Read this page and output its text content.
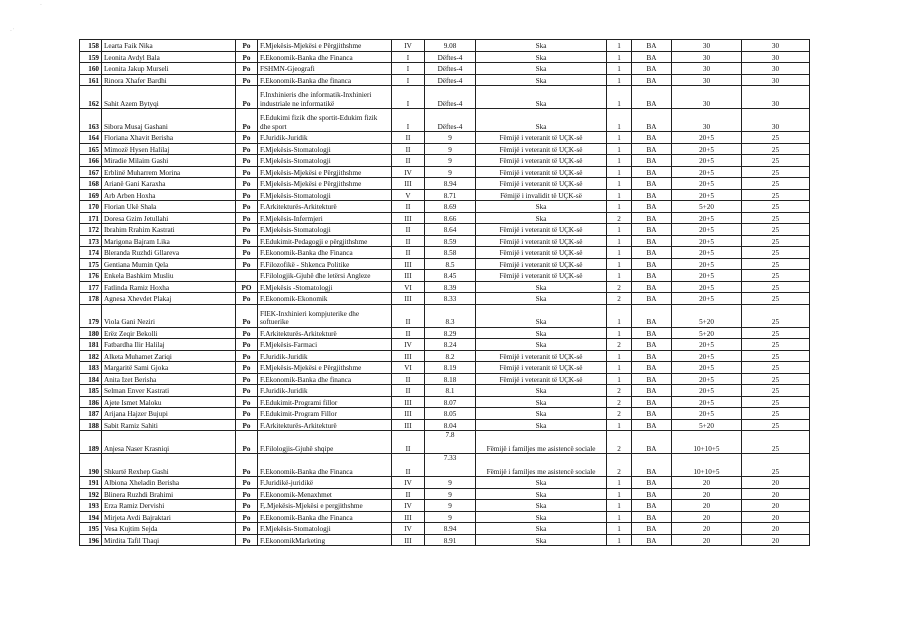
·
·˙
158	Learta Faik Nika	Po	F.Mjekësis-Mjekësi e Përgjithshme	IV	9.08	Ska	1	BA	30	30
159	Leonita Avdyl Bala	Po	F.Ekonomik-Banka dhe Financa	I	Dëftes-4	Ska	1	BA	30	30
160	Leonita Jakup Murseli	Po	FSHMN-Gjeografi	I	Dëftes-4	Ska	1	BA	30	30
161	Rinora Xhafer Bardhi	Po	F.Ekonomik-Banka dhe financa	I	Dëftes-4	Ska	1	BA	30	30
162	Sahit Azem Bytyqi	Po	F.Inxhinieris dhe informatik-Inxhinieri industriale ne informatikë	I	Dëftes-4	Ska	1	BA	30	30
163	Sibora Musaj Gashani	Po	F.Edukimi fizik dhe sportit-Edukim fizik dhe sport	I	Dëftes-4	Ska	1	BA	30	30
164	Floriana Xhavit Berisha	Po	F.Juridik-Juridik	II	9	Fëmijë i veteranit të UÇK-së	1	BA	20+5	25
165	Mimozë Hysen Halilaj	Po	F.Mjekësis-Stomatologji	II	9	Fëmijë i veteranit të UÇK-së	1	BA	20+5	25
166	Miradie Milaim Gashi	Po	F.Mjekësis-Stomatologji	II	9	Fëmijë i veteranit të UÇK-së	1	BA	20+5	25
167	Erblinë Muharrem Morina	Po	F.Mjekësis-Mjekësi e Përgjithshme	IV	9	Fëmijë i veteranit të UÇK-së	1	BA	20+5	25
168	Arianë Gani Karaxha	Po	F.Mjekësis-Mjekësi e Përgjithshme	III	8.94	Fëmijë i veteranit të UÇK-së	1	BA	20+5	25
169	Arb Arben Hoxha	Po	F.Mjekësis-Stomatologji	V	8.71	Fëmijë i invalidit të UÇK-së	1	BA	20+5	25
170	Florian Ukë Shala	Po	F.Arkitekturës-Arkitekturë	II	8.69	Ska	1	BA	5+20	25
171	Doresa Gzim Jetullahi	Po	F.Mjekësis-Infermjeri	III	8.66	Ska	2	BA	20+5	25
172	Ibrahim Rrahim Kastrati	Po	F.Mjekësis-Stomatologji	II	8.64	Fëmijë i veteranit të UÇK-së	1	BA	20+5	25
173	Marigona Bajram Lika	Po	F.Edukimit-Pedagogji e përgjithshme	II	8.59	Fëmijë i veteranit të UÇK-së	1	BA	20+5	25
174	Bleranda Ruzhdi Gllareva	Po	F.Ekonomik-Banka dhe Financa	II	8.58	Fëmijë i veteranit të UÇK-së	1	BA	20+5	25
175	Gentiana Mumin Qela	Po	F.Filozofikë - Shkenca Politike	III	8.5	Fëmijë i veteranit të UÇK-së	1	BA	20+5	25
176	Enkela Bashkim Musliu		F.Filologjik-Gjuhë dhe letërsi Angleze	III	8.45	Fëmijë i veteranit të UÇK-së	1	BA	20+5	25
177	Fatlinda Ramiz Hoxha	PO	F.Mjekësis -Stomatologji	VI	8.39	Ska	2	BA	20+5	25
178	Agnesa Xhevdet Plakaj	Po	F.Ekonomik-Ekonomik	III	8.33	Ska	2	BA	20+5	25
179	Viola Gani Neziri	Po	FIEK-Inxhinieri kompjuterike dhe softuerike	II	8.3	Ska	1	BA	5+20	25
180	Erëz Zeqir Bekolli	Po	F.Arkitekturës-Arkitekturë	II	8.29	Ska	1	BA	5+20	25
181	Fatbardha Ilir Halilaj	Po	F.Mjekësis-Farmaci	IV	8.24	Ska	2	BA	20+5	25
182	Alketa Muhamet Zariqi	Po	F.Juridik-Juridik	III	8.2	Fëmijë i veteranit të UÇK-së	1	BA	20+5	25
183	Margaritë Sami Gjoka	Po	F.Mjekësis-Mjekësi e Përgjithshme	VI	8.19	Fëmijë i veteranit të UÇK-së	1	BA	20+5	25
184	Anita Izet Berisha	Po	F.Ekonomik-Banka dhe financa	II	8.18	Fëmijë i veteranit të UÇK-së	1	BA	20+5	25
185	Selman Enver Kastrati	Po	F.Juridik-Juridik	II	8.1	Ska	2	BA	20+5	25
186	Ajete Ismet Maloku	Po	F.Edukimit-Programi fillor	III	8.07	Ska	2	BA	20+5	25
187	Arijana Hajzer Bujupi	Po	F.Edukimit-Program Fillor	III	8.05	Ska	2	BA	20+5	25
188	Sabit Ramiz Sahiti	Po	F.Arkitekturës-Arkitekturë	III	8.04	Ska	1	BA	5+20	25
189	Anjesa Naser Krasniqi	Po	F.Filologjis-Gjuhë shqipe	II	7.8	Fëmijë i familjes me asistencë sociale	2	BA	10+10+5	25
190	Shkurtë Rexhep Gashi	Po	F.Ekonomik-Banka dhe Financa	II	7.33	Fëmijë i familjes me asistencë sociale	2	BA	10+10+5	25
191	Albiona Xheladin Berisha	Po	F.Juridikë-juridikë	IV	9	Ska	1	BA	20	20
192	Blinera Ruzhdi Brahimi	Po	F.Ekonomik-Menaxhmet	II	9	Ska	1	BA	20	20
193	Erza Ramiz Dervishi	Po	F,.Mjekësis-Mjekësi e pergjithshme	IV	9	Ska	1	BA	20	20
194	Mirjeta Avdi Bajraktari	Po	F.Ekonomik-Banka dhe Financa	III	9	Ska	1	BA	20	20
195	Vesa Kujtim Sejda	Po	F.Mjekësis-Stomatologji	IV	8.94	Ska	1	BA	20	20
196	Mirdita Tafil Thaqi	Po	F.EkonomikMarketing	III	8.91	Ska	1	BA	20	20
